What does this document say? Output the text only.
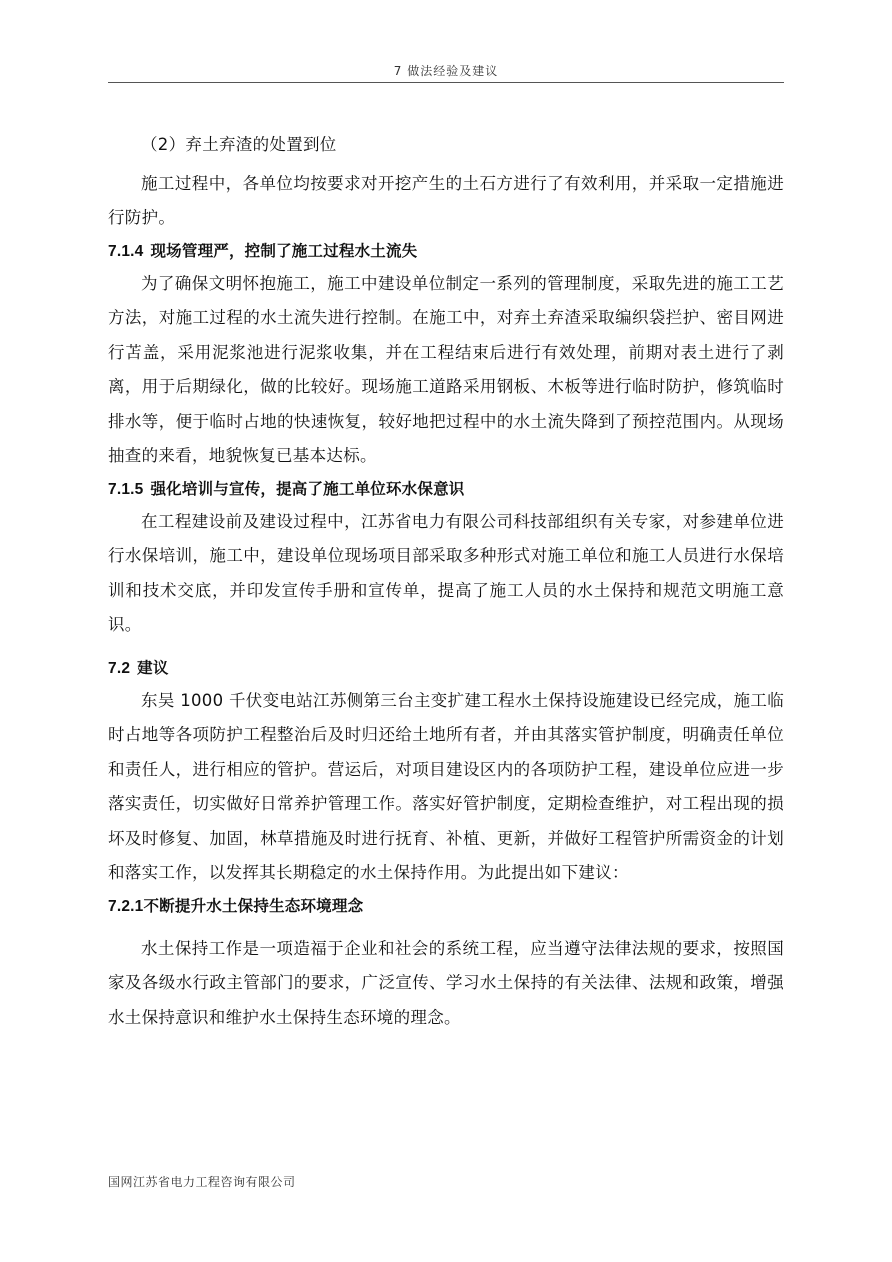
7 做法经验及建议

（2）弃土弃渣的处置到位

施工过程中，各单位均按要求对开挖产生的土石方进行了有效利用，并采取一定措施进行防护。

7.1.4 现场管理严，控制了施工过程水土流失

为了确保文明怀抱施工，施工中建设单位制定一系列的管理制度，采取先进的施工工艺方法，对施工过程的水土流失进行控制。在施工中，对弃土弃渣采取编织袋拦护、密目网进行苫盖，采用泥浆池进行泥浆收集，并在工程结束后进行有效处理，前期对表土进行了剥离，用于后期绿化，做的比较好。现场施工道路采用钢板、木板等进行临时防护，修筑临时排水等，便于临时占地的快速恢复，较好地把过程中的水土流失降到了预控范围内。从现场抽查的来看，地貌恢复已基本达标。

7.1.5 强化培训与宣传，提高了施工单位环水保意识

在工程建设前及建设过程中，江苏省电力有限公司科技部组织有关专家，对参建单位进行水保培训，施工中，建设单位现场项目部采取多种形式对施工单位和施工人员进行水保培训和技术交底，并印发宣传手册和宣传单，提高了施工人员的水土保持和规范文明施工意识。

7.2 建议

东吴 1000 千伏变电站江苏侧第三台主变扩建工程水土保持设施建设已经完成，施工临时占地等各项防护工程整治后及时归还给土地所有者，并由其落实管护制度，明确责任单位和责任人，进行相应的管护。营运后，对项目建设区内的各项防护工程，建设单位应进一步落实责任，切实做好日常养护管理工作。落实好管护制度，定期检查维护，对工程出现的损坏及时修复、加固，林草措施及时进行抚育、补植、更新，并做好工程管护所需资金的计划和落实工作，以发挥其长期稳定的水土保持作用。为此提出如下建议：

7.2.1不断提升水土保持生态环境理念

水土保持工作是一项造福于企业和社会的系统工程，应当遵守法律法规的要求，按照国家及各级水行政主管部门的要求，广泛宣传、学习水土保持的有关法律、法规和政策，增强水土保持意识和维护水土保持生态环境的理念。

国网江苏省电力工程咨询有限公司
